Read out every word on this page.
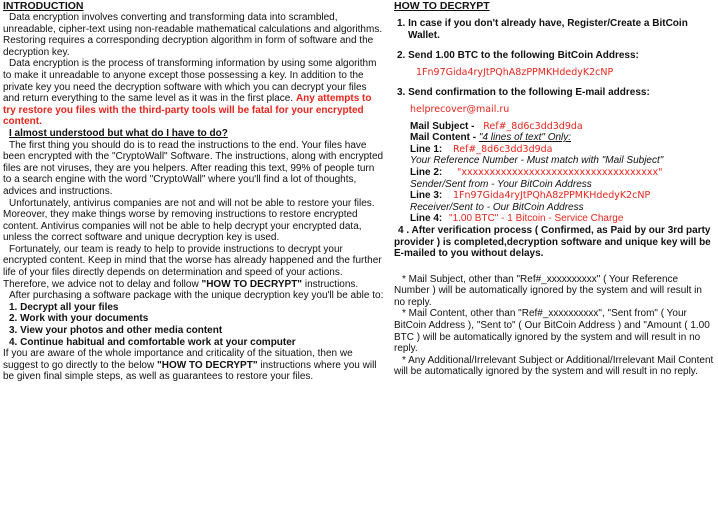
INTRODUCTION

Data encryption involves converting and transforming data into scrambled, unreadable, cipher-text using non-readable mathematical calculations and algorithms. Restoring requires a corresponding decryption algorithm in form of software and the decryption key.

Data encryption is the process of transforming information by using some algorithm to make it unreadable to anyone except those possessing a key. In addition to the private key you need the decryption software with which you can decrypt your files and return everything to the same level as it was in the first place. Any attempts to try restore you files with the third-party tools will be fatal for your encrypted content.

I almost understood but what do I have to do?

The first thing you should do is to read the instructions to the end. Your files have been encrypted with the "CryptoWall" Software. The instructions, along with encrypted files are not viruses, they are you helpers. After reading this text, 99% of people turn to a search engine with the word "CryptoWall" where you'll find a lot of thoughts, advices and instructions.

Unfortunately, antivirus companies are not and will not be able to restore your files. Moreover, they make things worse by removing instructions to restore encrypted content. Antivirus companies will not be able to help decrypt your encrypted data, unless the correct software and unique decryption key is used.

Fortunately, our team is ready to help to provide instructions to decrypt your encrypted content. Keep in mind that the worse has already happened and the further life of your files directly depends on determination and speed of your actions. Therefore, we advice not to delay and follow "HOW TO DECRYPT" instructions.

After purchasing a software package with the unique decryption key you'll be able to:

1. Decrypt all your files

2. Work with your documents

3. View your photos and other media content

4. Continue habitual and comfortable work at your computer

If you are aware of the whole importance and criticality of the situation, then we suggest to go directly to the below "HOW TO DECRYPT" instructions where you will be given final simple steps, as well as guarantees to restore your files.

HOW TO DECRYPT

1. In case if you don't already have, Register/Create a BitCoin Wallet.

2. Send 1.00 BTC to the following BitCoin Address:

1Fn97Gida4ryJtPQhA8zPPMKHdedyK2cNP

3. Send confirmation to the following E-mail address:

helprecover@mail.ru

Mail Subject - Ref#_8d6c3dd3d9da

Mail Content - "4 lines of text" Only:

Line 1: Ref#_8d6c3dd3d9da

Your Reference Number - Must match with "Mail Subject"

Line 2: "xxxxxxxxxxxxxxxxxxxxxxxxxxxxxxxxxxx"

Sender/Sent from - Your BitCoin Address

Line 3: 1Fn97Gida4ryJtPQhA8zPPMKHdedyK2cNP

Receiver/Sent to - Our BitCoin Address

Line 4: "1.00 BTC" - 1 Bitcoin - Service Charge

4 . After verification process ( Confirmed, as Paid by our 3rd party provider ) is completed,decryption software and unique key will be E-mailed to you without delays.

* Mail Subject, other than "Ref#_xxxxxxxxxx" ( Your Reference Number ) will be automatically ignored by the system and will result in no reply.

* Mail Content, other than "Ref#_xxxxxxxxxx", "Sent from" ( Your BitCoin Address ), "Sent to" ( Our BitCoin Address ) and "Amount ( 1.00 BTC ) will be automatically ignored by the system and will result in no reply.

* Any Additional/Irrelevant Subject or Additional/Irrelevant Mail Content will be automatically ignored by the system and will result in no reply.
